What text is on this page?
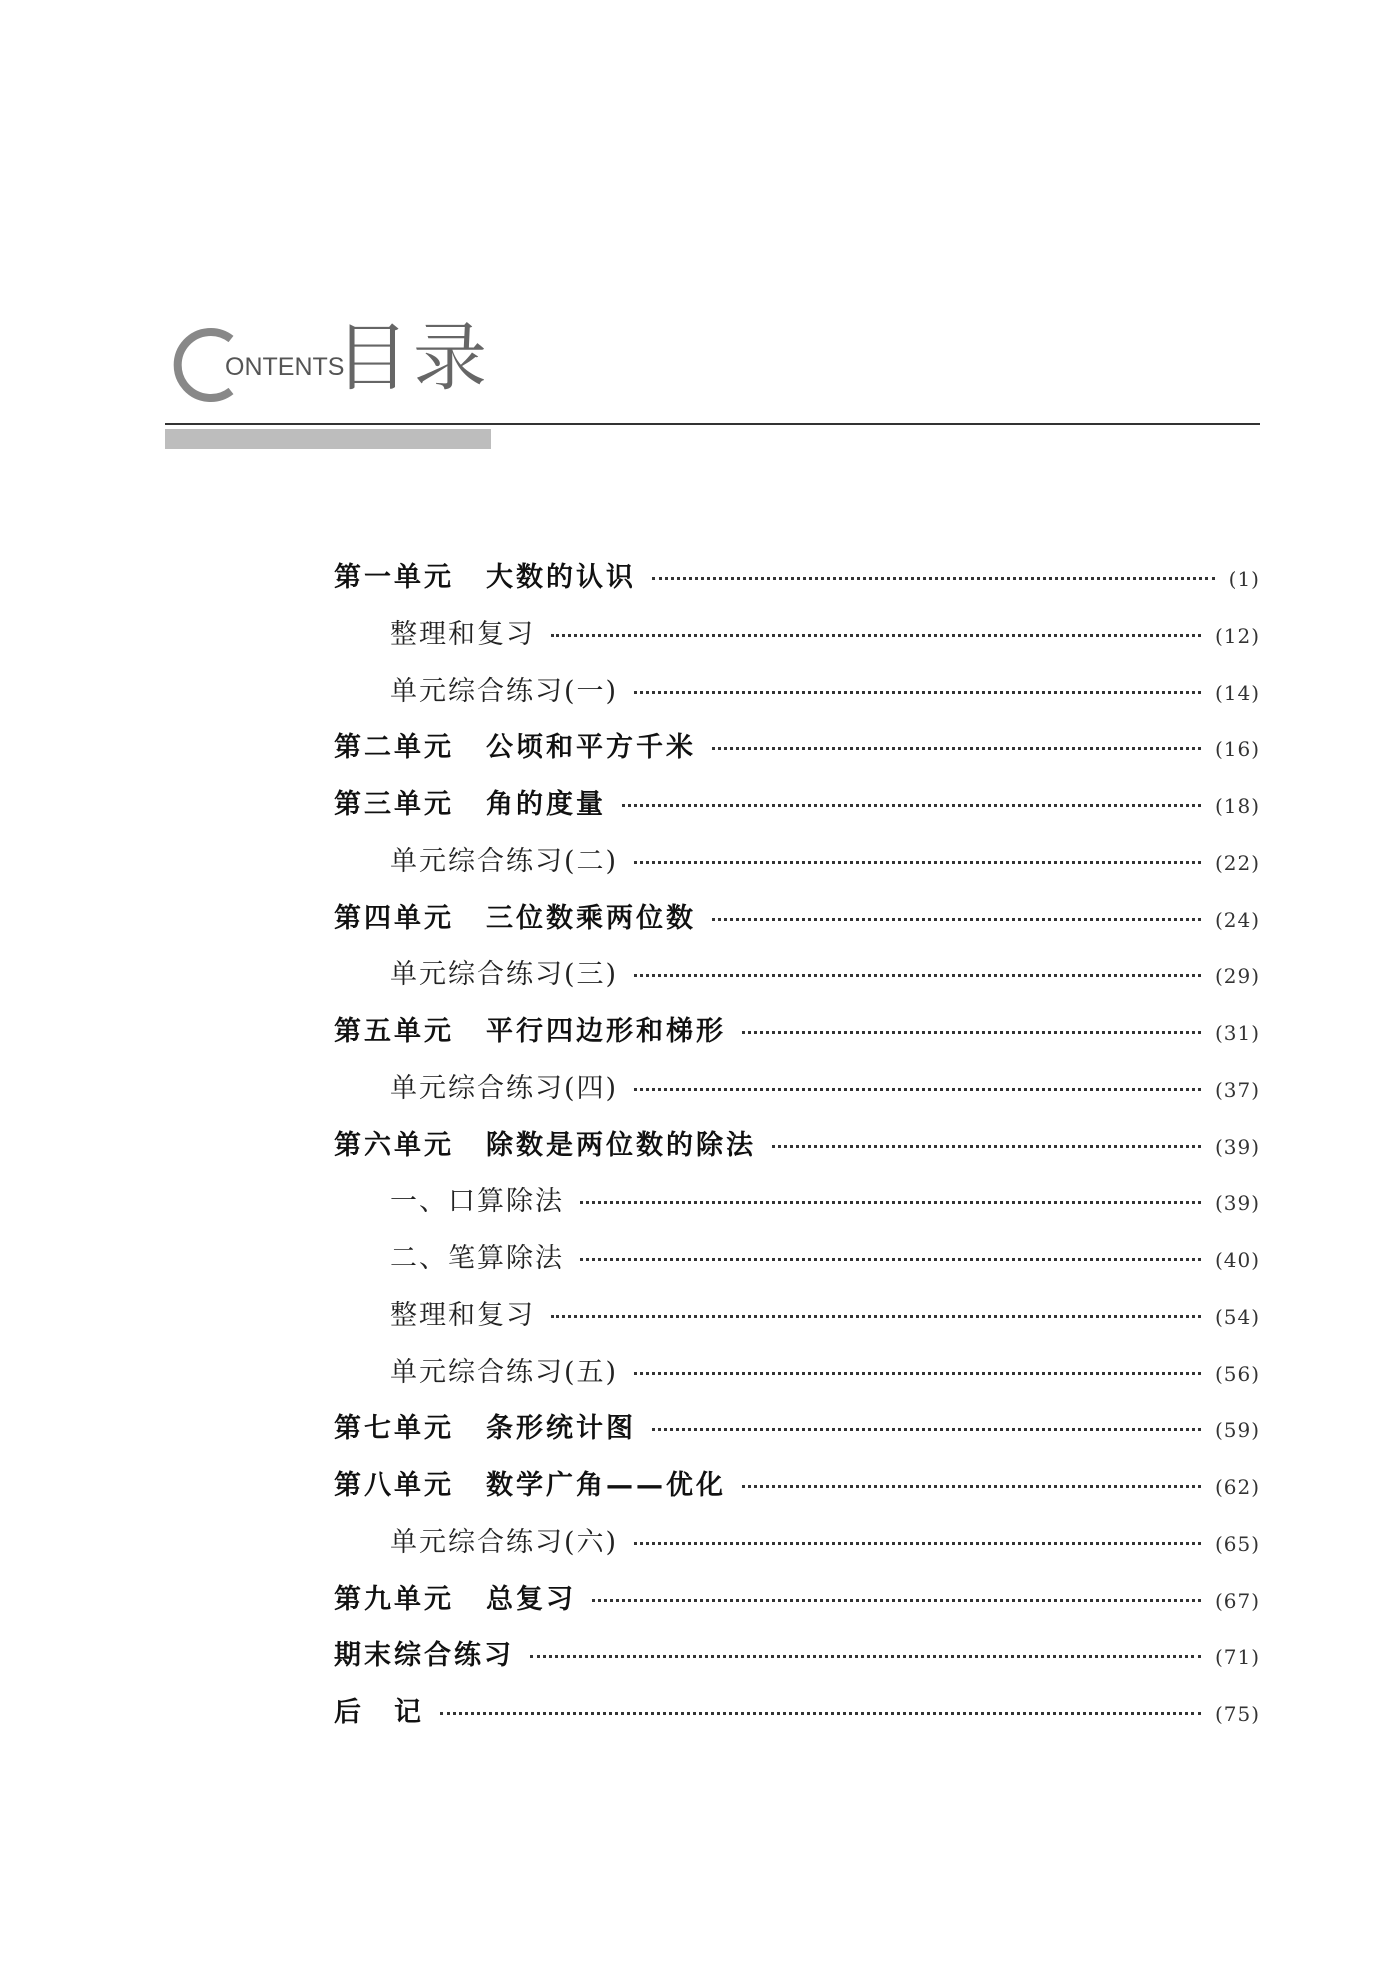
ONTENTS
目录
第一单元 大数的认识	(1)
整理和复习	(12)
单元综合练习(一)	(14)
第二单元 公顷和平方千米	(16)
第三单元 角的度量	(18)
单元综合练习(二)	(22)
第四单元 三位数乘两位数	(24)
单元综合练习(三)	(29)
第五单元 平行四边形和梯形	(31)
单元综合练习(四)	(37)
第六单元 除数是两位数的除法	(39)
一、口算除法	(39)
二、笔算除法	(40)
整理和复习	(54)
单元综合练习(五)	(56)
第七单元 条形统计图	(59)
第八单元 数学广角——优化	(62)
单元综合练习(六)	(65)
第九单元 总复习	(67)
期末综合练习	(71)
后　记	(75)
